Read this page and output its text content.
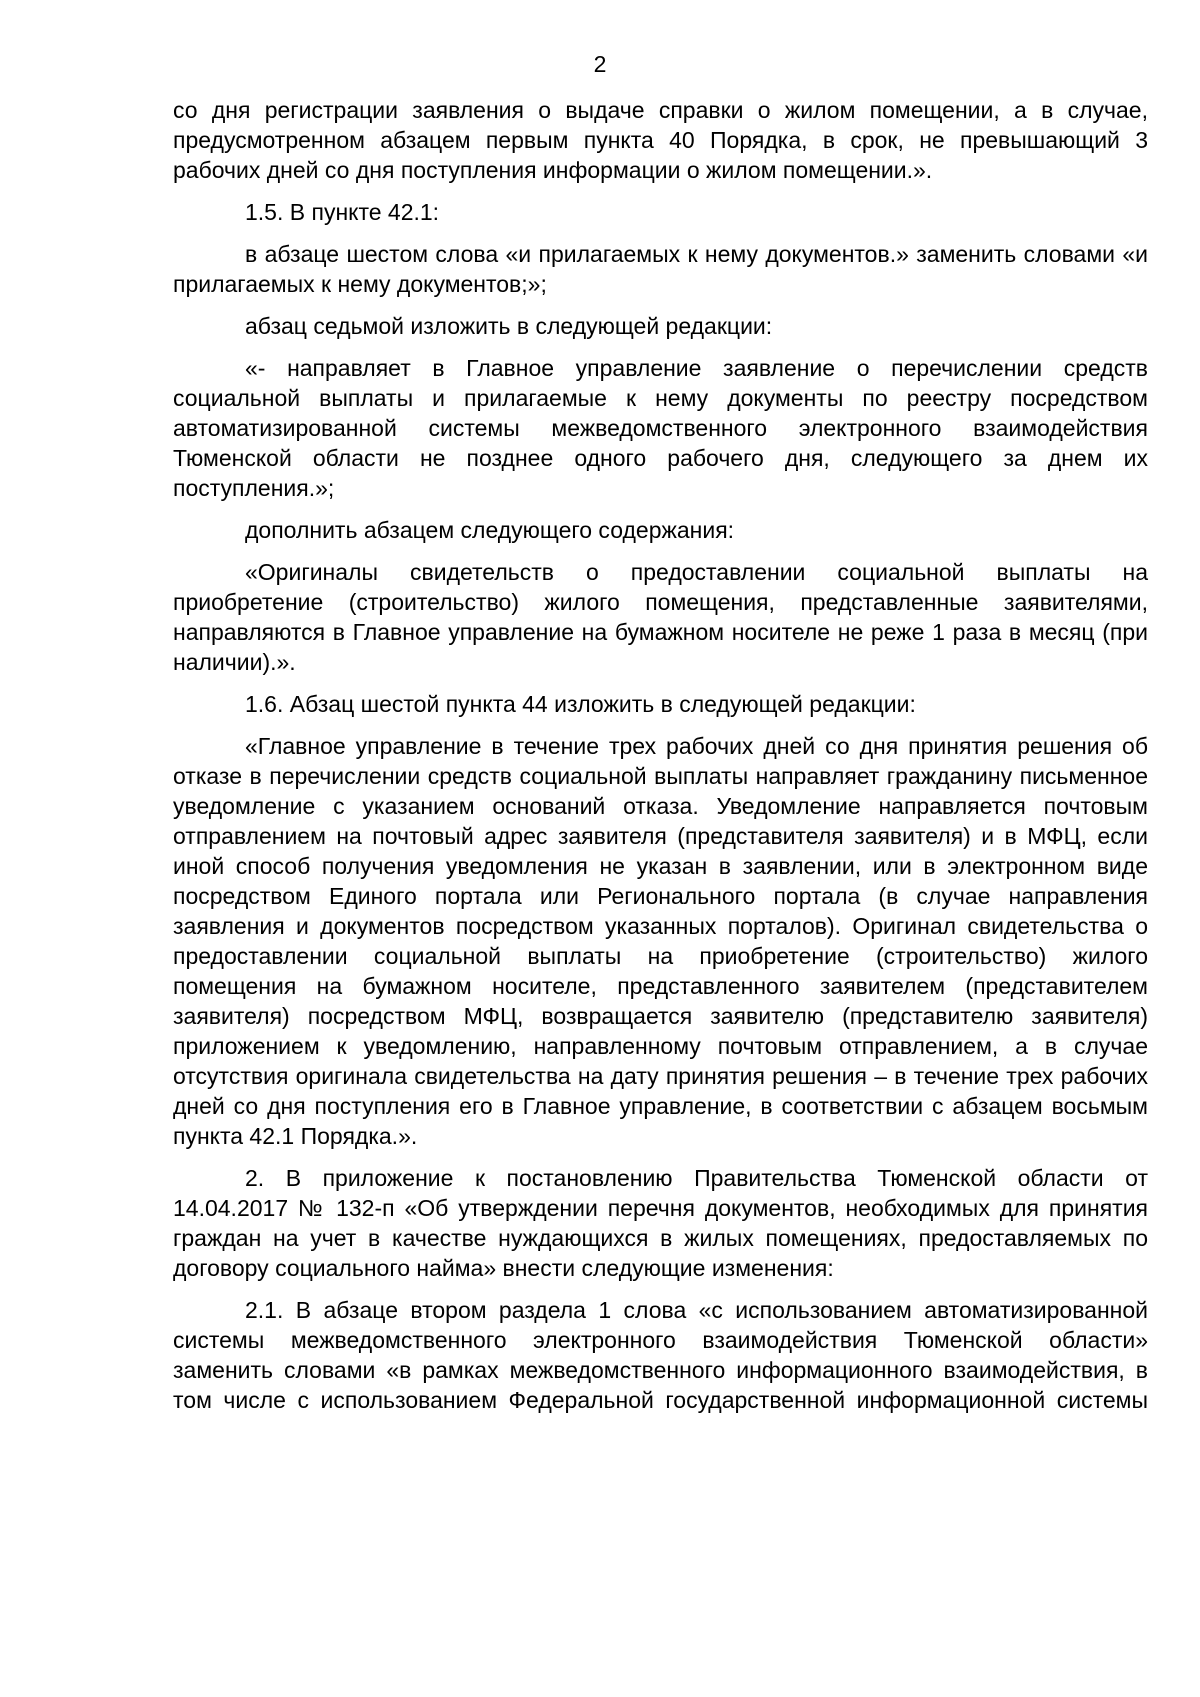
2

со дня регистрации заявления о выдаче справки о жилом помещении, а в случае, предусмотренном абзацем первым пункта 40 Порядка, в срок, не превышающий 3 рабочих дней со дня поступления информации о жилом помещении.».

1.5. В пункте 42.1:

в абзаце шестом слова «и прилагаемых к нему документов.» заменить словами «и прилагаемых к нему документов;»;

абзац седьмой изложить в следующей редакции:

«- направляет в Главное управление заявление о перечислении средств социальной выплаты и прилагаемые к нему документы по реестру посредством автоматизированной системы межведомственного электронного взаимодействия Тюменской области не позднее одного рабочего дня, следующего за днем их поступления.»;

дополнить абзацем следующего содержания:

«Оригиналы свидетельств о предоставлении социальной выплаты на приобретение (строительство) жилого помещения, представленные заявителями, направляются в Главное управление на бумажном носителе не реже 1 раза в месяц (при наличии).».

1.6. Абзац шестой пункта 44 изложить в следующей редакции:

«Главное управление в течение трех рабочих дней со дня принятия решения об отказе в перечислении средств социальной выплаты направляет гражданину письменное уведомление с указанием оснований отказа. Уведомление направляется почтовым отправлением на почтовый адрес заявителя (представителя заявителя) и в МФЦ, если иной способ получения уведомления не указан в заявлении, или в электронном виде посредством Единого портала или Регионального портала (в случае направления заявления и документов посредством указанных порталов). Оригинал свидетельства о предоставлении социальной выплаты на приобретение (строительство) жилого помещения на бумажном носителе, представленного заявителем (представителем заявителя) посредством МФЦ, возвращается заявителю (представителю заявителя) приложением к уведомлению, направленному почтовым отправлением, а в случае отсутствия оригинала свидетельства на дату принятия решения – в течение трех рабочих дней со дня поступления его в Главное управление, в соответствии с абзацем восьмым пункта 42.1 Порядка.».

2. В приложение к постановлению Правительства Тюменской области от 14.04.2017 № 132-п «Об утверждении перечня документов, необходимых для принятия граждан на учет в качестве нуждающихся в жилых помещениях, предоставляемых по договору социального найма» внести следующие изменения:

2.1. В абзаце втором раздела 1 слова «с использованием автоматизированной системы межведомственного электронного взаимодействия Тюменской области» заменить словами «в рамках межведомственного информационного взаимодействия, в том числе с использованием Федеральной государственной информационной системы
